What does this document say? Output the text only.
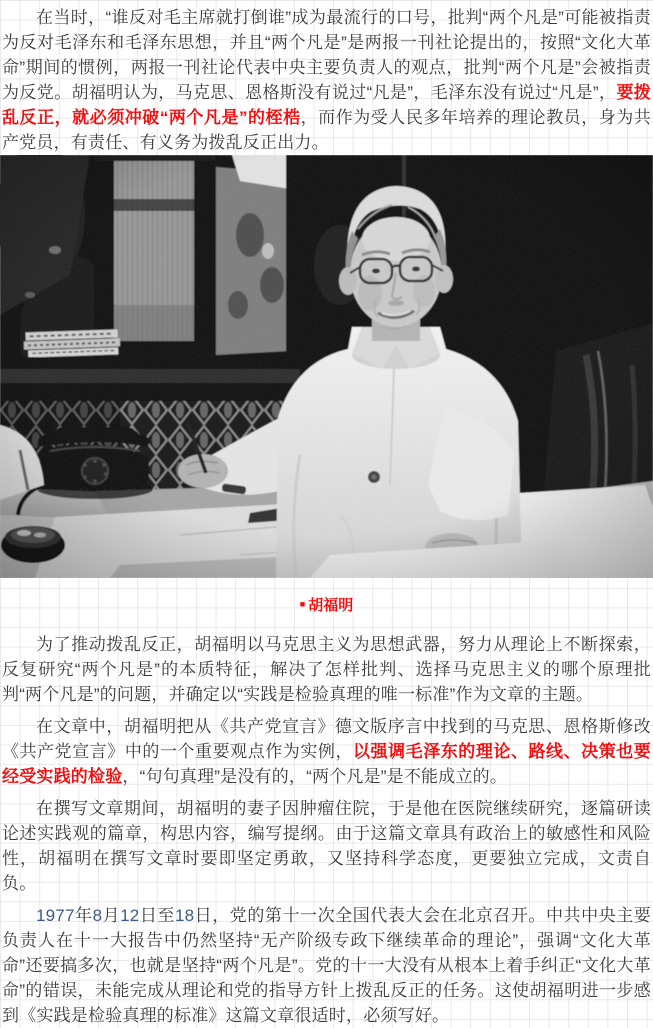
在当时，“谁反对毛主席就打倒谁”成为最流行的口号，批判“两个凡是”可能被指责为反对毛泽东和毛泽东思想，并且“两个凡是”是两报一刊社论提出的，按照“文化大革命”期间的惯例，两报一刊社论代表中央主要负责人的观点，批判“两个凡是”会被指责为反党。胡福明认为，马克思、恩格斯没有说过“凡是”，毛泽东没有说过“凡是”，要拨乱反正，就必须冲破“两个凡是”的桎梏，而作为受人民多年培养的理论教员，身为共产党员，有责任、有义务为拨乱反正出力。

■ 胡福明

为了推动拨乱反正，胡福明以马克思主义为思想武器，努力从理论上不断探索，反复研究“两个凡是”的本质特征，解决了怎样批判、选择马克思主义的哪个原理批判“两个凡是”的问题，并确定以“实践是检验真理的唯一标准”作为文章的主题。

在文章中，胡福明把从《共产党宣言》德文版序言中找到的马克思、恩格斯修改《共产党宣言》中的一个重要观点作为实例，以强调毛泽东的理论、路线、决策也要经受实践的检验，“句句真理”是没有的，“两个凡是”是不能成立的。

在撰写文章期间，胡福明的妻子因肿瘤住院，于是他在医院继续研究，逐篇研读论述实践观的篇章，构思内容，编写提纲。由于这篇文章具有政治上的敏感性和风险性，胡福明在撰写文章时要即坚定勇敢，又坚持科学态度，更要独立完成，文责自负。

1977年8月12日至18日，党的第十一次全国代表大会在北京召开。中共中央主要负责人在十一大报告中仍然坚持“无产阶级专政下继续革命的理论”，强调“文化大革命”还要搞多次，也就是坚持“两个凡是”。党的十一大没有从根本上着手纠正“文化大革命”的错误，未能完成从理论和党的指导方针上拨乱反正的任务。这使胡福明进一步感到《实践是检验真理的标准》这篇文章很适时，必须写好。
